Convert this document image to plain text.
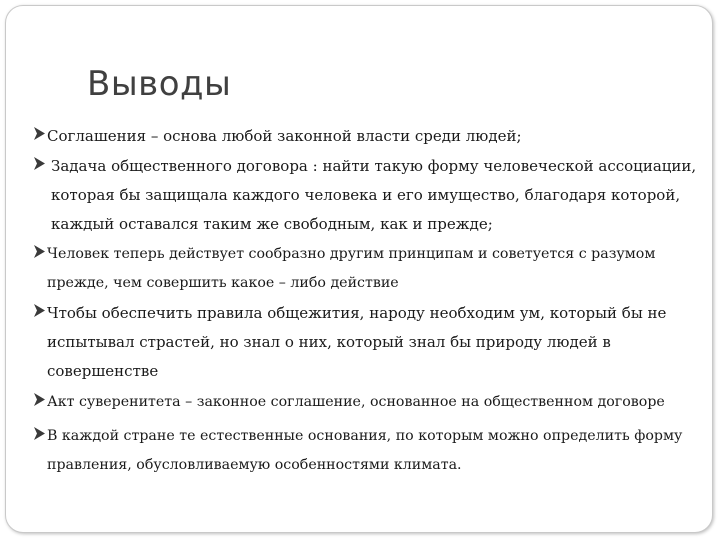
Выводы
Соглашения – основа любой законной власти среди людей;
Задача общественного договора : найти такую форму человеческой ассоциации, которая бы защищала каждого человека и его имущество, благодаря которой, каждый оставался таким же свободным, как и прежде;
Человек теперь действует сообразно другим принципам и советуется с разумом прежде, чем совершить какое – либо действие
Чтобы обеспечить правила общежития, народу необходим ум, который бы не испытывал страстей, но знал о них, который знал бы природу людей в совершенстве
Акт суверенитета – законное соглашение, основанное на общественном договоре
В каждой стране те естественные основания, по которым можно определить форму правления, обусловливаемую особенностями климата.
